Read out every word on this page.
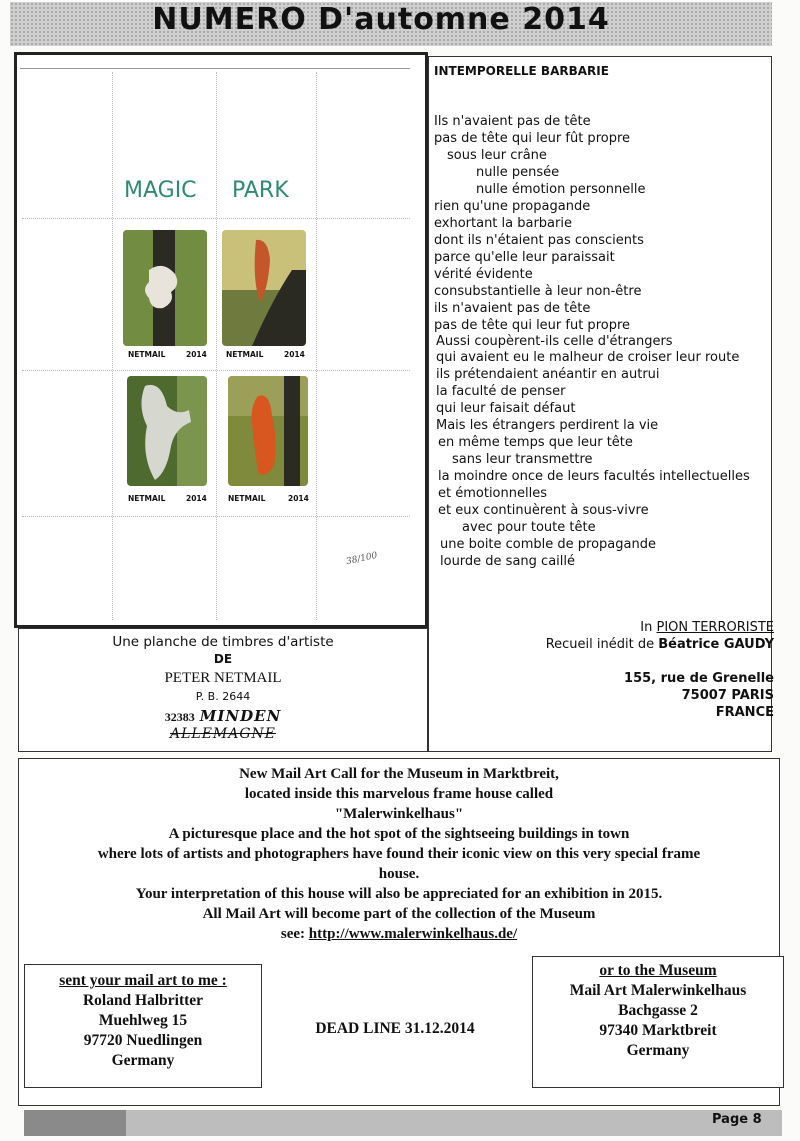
NUMERO D'automne 2014
MAGIC PARK
NETMAIL	2014	NETMAIL	2014
NETMAIL	2014	NETMAIL	2014
38/100
Une planche de timbres d'artiste
DE
PETER NETMAIL
P. B. 2644
32383 MINDEN
ALLEMAGNE
INTEMPORELLE BARBARIE
Ils n'avaient pas de tête
pas de tête qui leur fût propre
sous leur crâne
nulle pensée
nulle émotion personnelle
rien qu'une propagande
exhortant la barbarie
dont ils n'étaient pas conscients
parce qu'elle leur paraissait
vérité évidente
consubstantielle à leur non-être
ils n'avaient pas de tête
pas de tête qui leur fut propre
Aussi coupèrent-ils celle d'étrangers
qui avaient eu le malheur de croiser leur route
ils prétendaient anéantir en autrui
la faculté de penser
qui leur faisait défaut
Mais les étrangers perdirent la vie
en même temps que leur tête
sans leur transmettre
la moindre once de leurs facultés intellectuelles
et émotionnelles
et eux continuèrent à sous-vivre
avec pour toute tête
une boite comble de propagande
lourde de sang caillé
In PION TERRORISTE
Recueil inédit de Béatrice GAUDY
155, rue de Grenelle
75007 PARIS
FRANCE
New Mail Art Call for the Museum in Marktbreit,
located inside this marvelous frame house called
"Malerwinkelhaus"
A picturesque place and the hot spot of the sightseeing buildings in town
where lots of artists and photographers have found their iconic view on this very special frame
house.
Your interpretation of this house will also be appreciated for an exhibition in 2015.
All Mail Art will become part of the collection of the Museum
see: http://www.malerwinkelhaus.de/
sent your mail art to me :
Roland Halbritter
Muehlweg 15
97720 Nuedlingen
Germany
DEAD LINE 31.12.2014
or to the Museum
Mail Art Malerwinkelhaus
Bachgasse 2
97340 Marktbreit
Germany
Page 8
